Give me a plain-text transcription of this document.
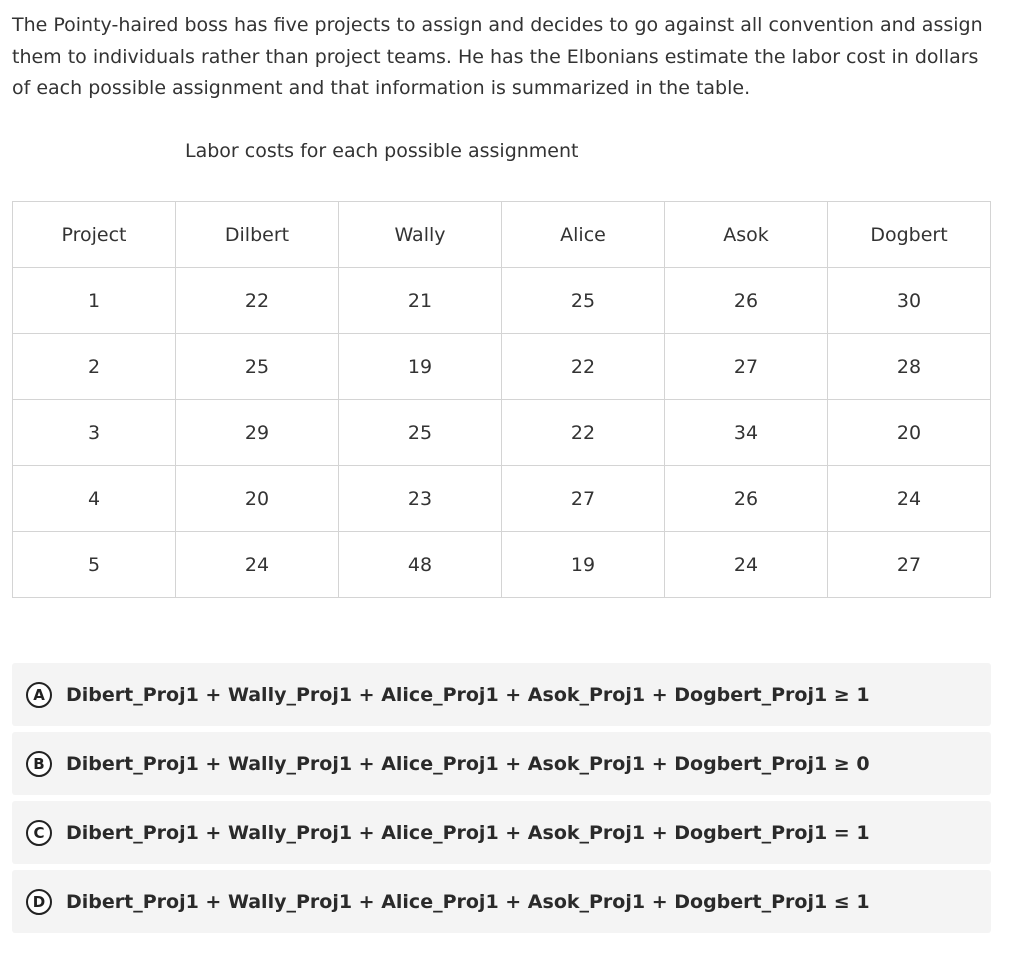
The Pointy-haired boss has five projects to assign and decides to go against all convention and assign them to individuals rather than project teams. He has the Elbonians estimate the labor cost in dollars of each possible assignment and that information is summarized in the table.

Labor costs for each possible assignment

Project	Dilbert	Wally	Alice	Asok	Dogbert
1	22	21	25	26	30
2	25	19	22	27	28
3	29	25	22	34	20
4	20	23	27	26	24
5	24	48	19	24	27
A	Dibert_Proj1 + Wally_Proj1 + Alice_Proj1 + Asok_Proj1 + Dogbert_Proj1 ≥ 1
B	Dibert_Proj1 + Wally_Proj1 + Alice_Proj1 + Asok_Proj1 + Dogbert_Proj1 ≥ 0
C	Dibert_Proj1 + Wally_Proj1 + Alice_Proj1 + Asok_Proj1 + Dogbert_Proj1 = 1
D	Dibert_Proj1 + Wally_Proj1 + Alice_Proj1 + Asok_Proj1 + Dogbert_Proj1 ≤ 1
